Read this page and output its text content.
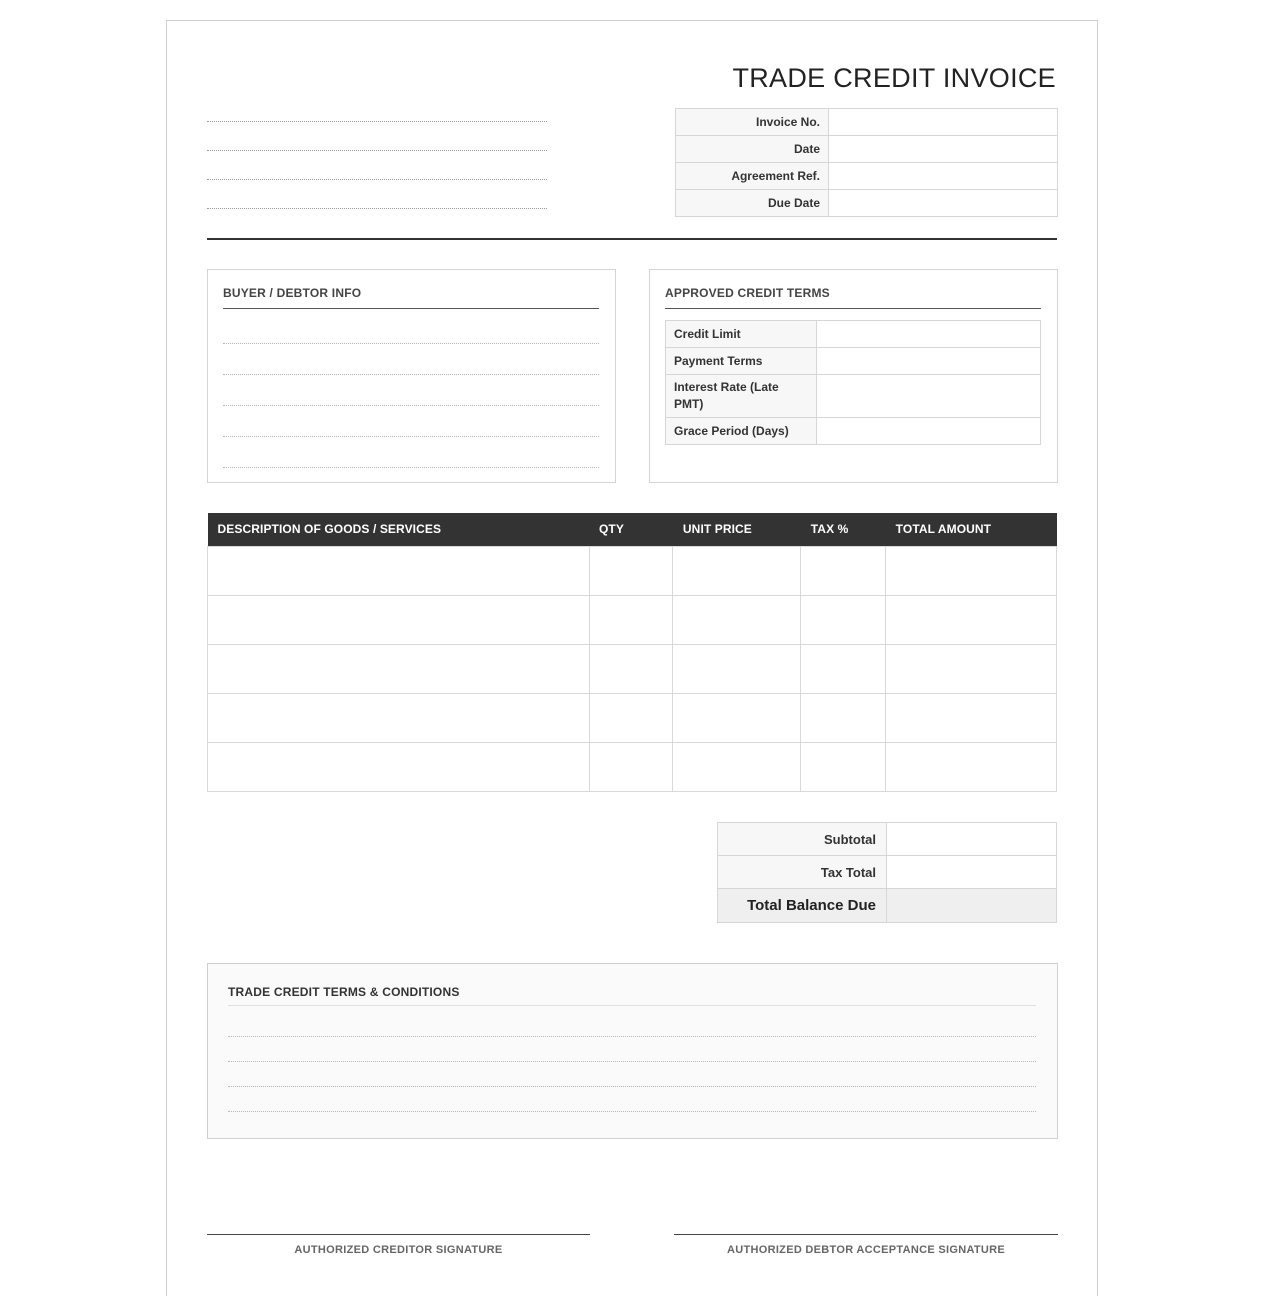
TRADE CREDIT INVOICE
Invoice No.	
Date	
Agreement Ref.	
Due Date	
BUYER / DEBTOR INFO	APPROVED CREDIT TERMS
Credit Limit	
Payment Terms	
Interest Rate (Late PMT)	
Grace Period (Days)	
DESCRIPTION OF GOODS / SERVICES	QTY	UNIT PRICE	TAX %	TOTAL AMOUNT

Subtotal	
Tax Total	
Total Balance Due	
TRADE CREDIT TERMS & CONDITIONS
AUTHORIZED CREDITOR SIGNATURE	AUTHORIZED DEBTOR ACCEPTANCE SIGNATURE
